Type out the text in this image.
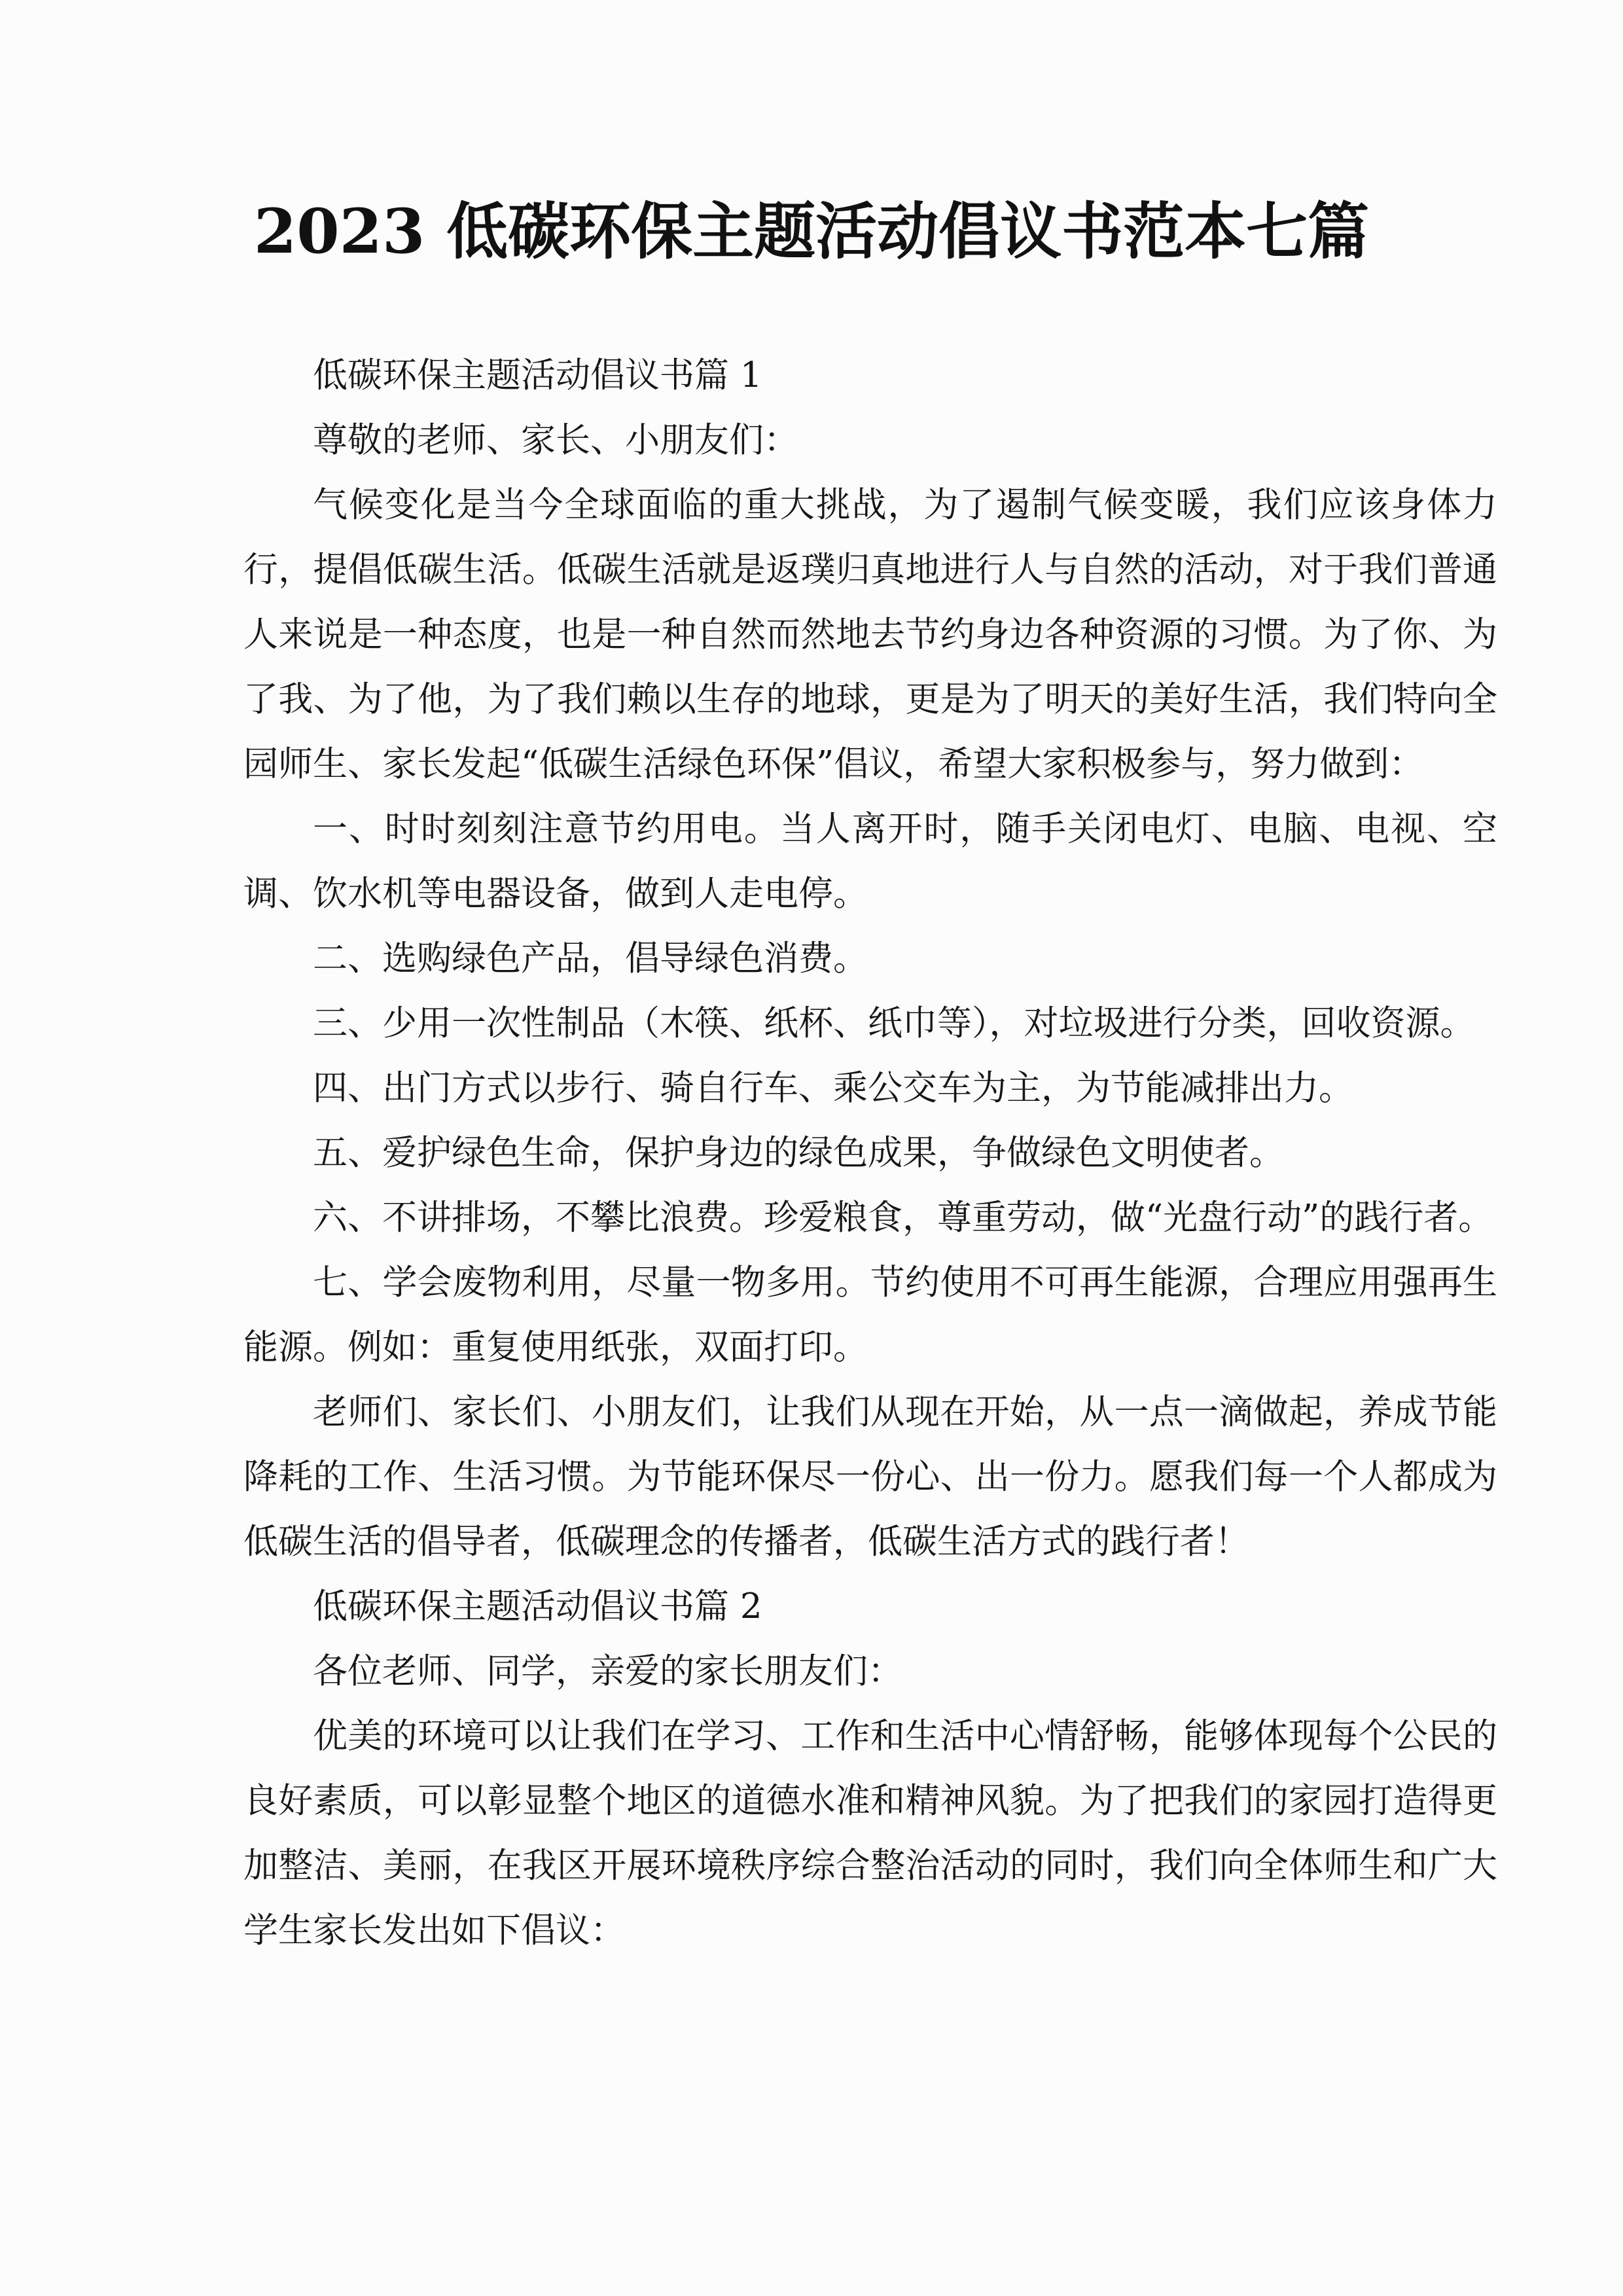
2023 低碳环保主题活动倡议书范本七篇

低碳环保主题活动倡议书篇 1

尊敬的老师、家长、小朋友们：

气候变化是当今全球面临的重大挑战，为了遏制气候变暖，我们应该身体力行，提倡低碳生活。低碳生活就是返璞归真地进行人与自然的活动，对于我们普通人来说是一种态度，也是一种自然而然地去节约身边各种资源的习惯。为了你、为了我、为了他，为了我们赖以生存的地球，更是为了明天的美好生活，我们特向全园师生、家长发起“低碳生活绿色环保”倡议，希望大家积极参与，努力做到：

一、时时刻刻注意节约用电。当人离开时，随手关闭电灯、电脑、电视、空调、饮水机等电器设备，做到人走电停。

二、选购绿色产品，倡导绿色消费。

三、少用一次性制品（木筷、纸杯、纸巾等），对垃圾进行分类，回收资源。

四、出门方式以步行、骑自行车、乘公交车为主，为节能减排出力。

五、爱护绿色生命，保护身边的绿色成果，争做绿色文明使者。

六、不讲排场，不攀比浪费。珍爱粮食，尊重劳动，做“光盘行动”的践行者。

七、学会废物利用，尽量一物多用。节约使用不可再生能源，合理应用强再生能源。例如：重复使用纸张，双面打印。

老师们、家长们、小朋友们，让我们从现在开始，从一点一滴做起，养成节能降耗的工作、生活习惯。为节能环保尽一份心、出一份力。愿我们每一个人都成为低碳生活的倡导者，低碳理念的传播者，低碳生活方式的践行者！

低碳环保主题活动倡议书篇 2

各位老师、同学，亲爱的家长朋友们：

优美的环境可以让我们在学习、工作和生活中心情舒畅，能够体现每个公民的良好素质，可以彰显整个地区的道德水准和精神风貌。为了把我们的家园打造得更加整洁、美丽，在我区开展环境秩序综合整治活动的同时，我们向全体师生和广大学生家长发出如下倡议：
